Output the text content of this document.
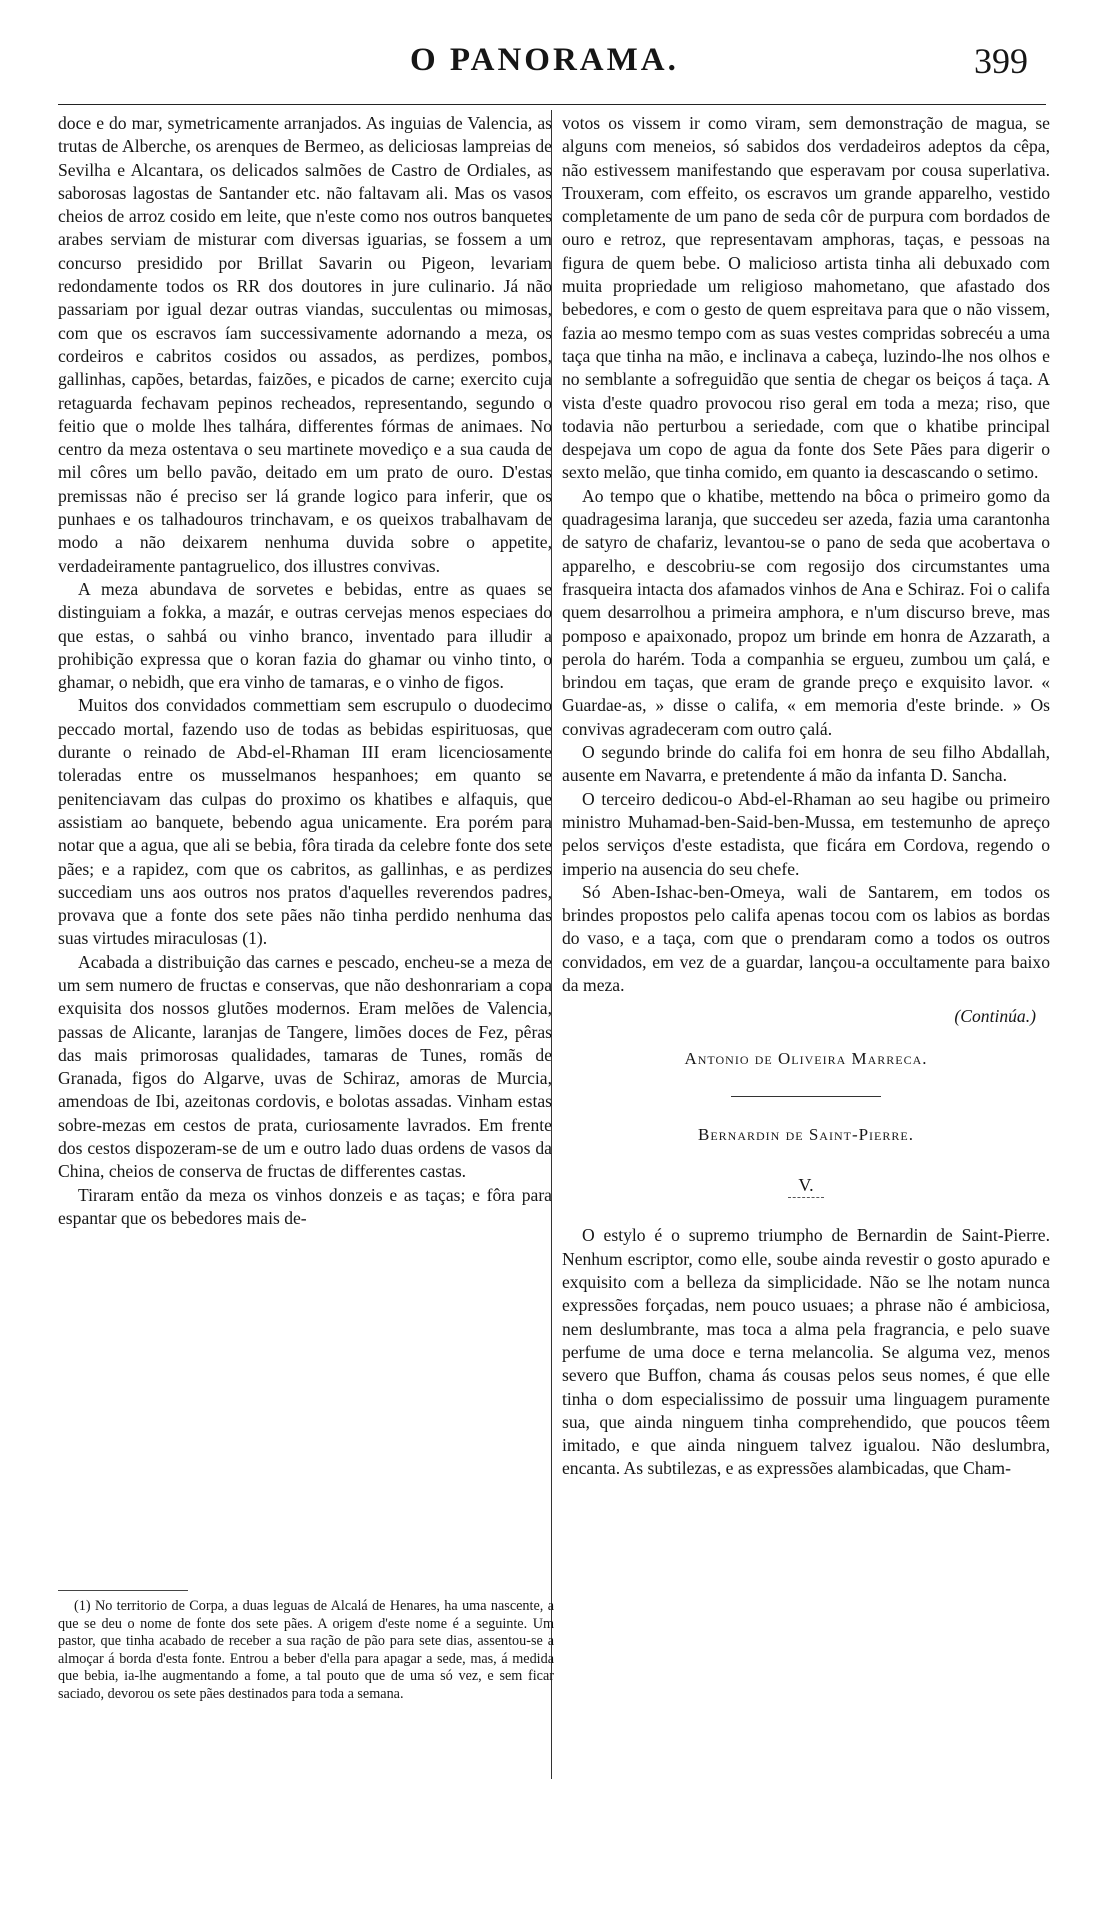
O PANORAMA.	399

doce e do mar, symetricamente arranjados. As inguias de Valencia, as trutas de Alberche, os arenques de Bermeo, as deliciosas lampreias de Sevilha e Alcantara, os delicados salmões de Castro de Ordiales, as saborosas lagostas de Santander etc. não faltavam ali. Mas os vasos cheios de arroz cosido em leite, que n'este como nos outros banquetes arabes serviam de misturar com diversas iguarias, se fossem a um concurso presidido por Brillat Savarin ou Pigeon, levariam redondamente todos os RR dos doutores in jure culinario. Já não passariam por igual dezar outras viandas, succulentas ou mimosas, com que os escravos íam successivamente adornando a meza, os cordeiros e cabritos cosidos ou assados, as perdizes, pombos, gallinhas, capões, betardas, faizões, e picados de carne; exercito cuja retaguarda fechavam pepinos recheados, representando, segundo o feitio que o molde lhes talhára, differentes fórmas de animaes. No centro da meza ostentava o seu martinete movediço e a sua cauda de mil côres um bello pavão, deitado em um prato de ouro. D'estas premissas não é preciso ser lá grande logico para inferir, que os punhaes e os talhadouros trinchavam, e os queixos trabalhavam de modo a não deixarem nenhuma duvida sobre o appetite, verdadeiramente pantagruelico, dos illustres convivas.

A meza abundava de sorvetes e bebidas, entre as quaes se distinguiam a fokka, a mazár, e outras cervejas menos especiaes do que estas, o sahbá ou vinho branco, inventado para illudir a prohibição expressa que o koran fazia do ghamar ou vinho tinto, o ghamar, o nebidh, que era vinho de tamaras, e o vinho de figos.

Muitos dos convidados commettiam sem escrupulo o duodecimo peccado mortal, fazendo uso de todas as bebidas espirituosas, que durante o reinado de Abd-el-Rhaman III eram licenciosamente toleradas entre os musselmanos hespanhoes; em quanto se penitenciavam das culpas do proximo os khatibes e alfaquis, que assistiam ao banquete, bebendo agua unicamente. Era porém para notar que a agua, que ali se bebia, fôra tirada da celebre fonte dos sete pães; e a rapidez, com que os cabritos, as gallinhas, e as perdizes succediam uns aos outros nos pratos d'aquelles reverendos padres, provava que a fonte dos sete pães não tinha perdido nenhuma das suas virtudes miraculosas (1).

Acabada a distribuição das carnes e pescado, encheu-se a meza de um sem numero de fructas e conservas, que não deshonrariam a copa exquisita dos nossos glutões modernos. Eram melões de Valencia, passas de Alicante, laranjas de Tangere, limões doces de Fez, pêras das mais primorosas qualidades, tamaras de Tunes, romãs de Granada, figos do Algarve, uvas de Schiraz, amoras de Murcia, amendoas de Ibi, azeitonas cordovis, e bolotas assadas. Vinham estas sobre-mezas em cestos de prata, curiosamente lavrados. Em frente dos cestos dispozeram-se de um e outro lado duas ordens de vasos da China, cheios de conserva de fructas de differentes castas.

Tiraram então da meza os vinhos donzeis e as taças; e fôra para espantar que os bebedores mais de-

(1) No territorio de Corpa, a duas leguas de Alcalá de Henares, ha uma nascente, a que se deu o nome de fonte dos sete pães. A origem d'este nome é a seguinte. Um pastor, que tinha acabado de receber a sua ração de pão para sete dias, assentou-se a almoçar á borda d'esta fonte. Entrou a beber d'ella para apagar a sede, mas, á medida que bebia, ia-lhe augmentando a fome, a tal pouto que de uma só vez, e sem ficar saciado, devorou os sete pães destinados para toda a semana.

votos os vissem ir como viram, sem demonstração de magua, se alguns com meneios, só sabidos dos verdadeiros adeptos da cêpa, não estivessem manifestando que esperavam por cousa superlativa. Trouxeram, com effeito, os escravos um grande apparelho, vestido completamente de um pano de seda côr de purpura com bordados de ouro e retroz, que representavam amphoras, taças, e pessoas na figura de quem bebe. O malicioso artista tinha ali debuxado com muita propriedade um religioso mahometano, que afastado dos bebedores, e com o gesto de quem espreitava para que o não vissem, fazia ao mesmo tempo com as suas vestes compridas sobrecéu a uma taça que tinha na mão, e inclinava a cabeça, luzindo-lhe nos olhos e no semblante a sofreguidão que sentia de chegar os beiços á taça. A vista d'este quadro provocou riso geral em toda a meza; riso, que todavia não perturbou a seriedade, com que o khatibe principal despejava um copo de agua da fonte dos Sete Pães para digerir o sexto melão, que tinha comido, em quanto ia descascando o setimo.

Ao tempo que o khatibe, mettendo na bôca o primeiro gomo da quadragesima laranja, que succedeu ser azeda, fazia uma carantonha de satyro de chafariz, levantou-se o pano de seda que acobertava o apparelho, e descobriu-se com regosijo dos circumstantes uma frasqueira intacta dos afamados vinhos de Ana e Schiraz. Foi o califa quem desarrolhou a primeira amphora, e n'um discurso breve, mas pomposo e apaixonado, propoz um brinde em honra de Azzarath, a perola do harém. Toda a companhia se ergueu, zumbou um çalá, e brindou em taças, que eram de grande preço e exquisito lavor. « Guardae-as, » disse o califa, « em memoria d'este brinde. » Os convivas agradeceram com outro çalá.

O segundo brinde do califa foi em honra de seu filho Abdallah, ausente em Navarra, e pretendente á mão da infanta D. Sancha.

O terceiro dedicou-o Abd-el-Rhaman ao seu hagibe ou primeiro ministro Muhamad-ben-Said-ben-Mussa, em testemunho de apreço pelos serviços d'este estadista, que ficára em Cordova, regendo o imperio na ausencia do seu chefe.

Só Aben-Ishac-ben-Omeya, wali de Santarem, em todos os brindes propostos pelo califa apenas tocou com os labios as bordas do vaso, e a taça, com que o prendaram como a todos os outros convidados, em vez de a guardar, lançou-a occultamente para baixo da meza.

(Continúa.)
Antonio de Oliveira Marreca.
Bernardin de Saint-Pierre.
V.

O estylo é o supremo triumpho de Bernardin de Saint-Pierre. Nenhum escriptor, como elle, soube ainda revestir o gosto apurado e exquisito com a belleza da simplicidade. Não se lhe notam nunca expressões forçadas, nem pouco usuaes; a phrase não é ambiciosa, nem deslumbrante, mas toca a alma pela fragrancia, e pelo suave perfume de uma doce e terna melancolia. Se alguma vez, menos severo que Buffon, chama ás cousas pelos seus nomes, é que elle tinha o dom especialissimo de possuir uma linguagem puramente sua, que ainda ninguem tinha comprehendido, que poucos têem imitado, e que ainda ninguem talvez igualou. Não deslumbra, encanta. As subtilezas, e as expressões alambicadas, que Cham-
